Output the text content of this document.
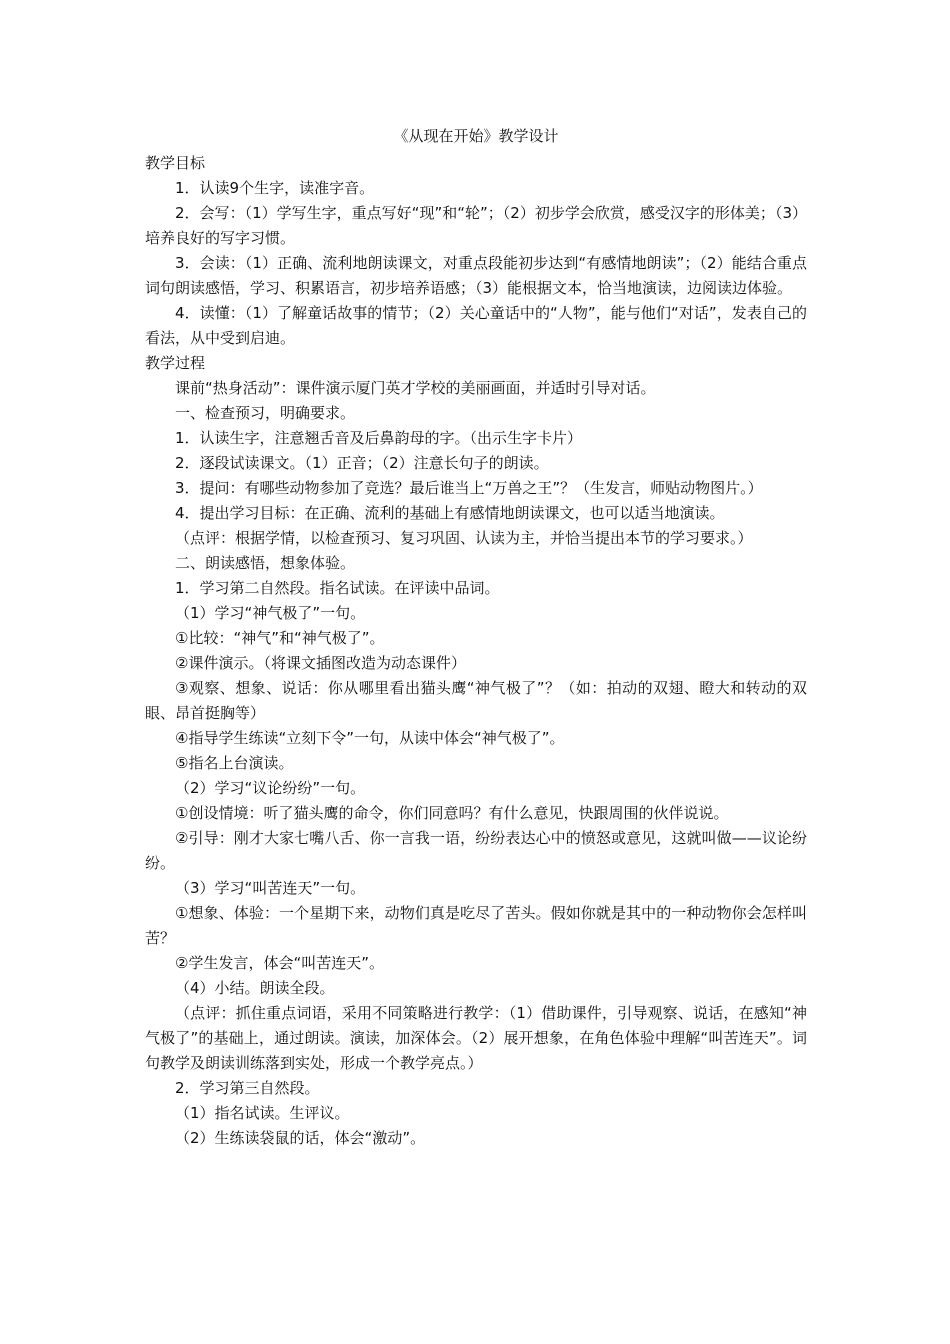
《从现在开始》教学设计

教学目标

1．认读9个生字，读准字音。

2．会写：（1）学写生字，重点写好“现”和“轮”；（2）初步学会欣赏，感受汉字的形体美；（3）培养良好的写字习惯。

3．会读：（1）正确、流利地朗读课文，对重点段能初步达到“有感情地朗读”；（2）能结合重点词句朗读感悟，学习、积累语言，初步培养语感；（3）能根据文本，恰当地演读，边阅读边体验。

4．读懂：（1）了解童话故事的情节；（2）关心童话中的“人物”，能与他们“对话”，发表自己的看法，从中受到启迪。

教学过程

课前“热身活动”：课件演示厦门英才学校的美丽画面，并适时引导对话。

一、检查预习，明确要求。

1．认读生字，注意翘舌音及后鼻韵母的字。（出示生字卡片）

2．逐段试读课文。（1）正音；（2）注意长句子的朗读。

3．提问：有哪些动物参加了竞选？最后谁当上“万兽之王”？（生发言，师贴动物图片。）

4．提出学习目标：在正确、流利的基础上有感情地朗读课文，也可以适当地演读。

（点评：根据学情，以检查预习、复习巩固、认读为主，并恰当提出本节的学习要求。）

二、朗读感悟，想象体验。

1．学习第二自然段。指名试读。在评读中品词。

（1）学习“神气极了”一句。

①比较：“神气”和“神气极了”。

②课件演示。（将课文插图改造为动态课件）

③观察、想象、说话：你从哪里看出猫头鹰“神气极了”？（如：拍动的双翅、瞪大和转动的双眼、昂首挺胸等）

④指导学生练读“立刻下令”一句，从读中体会“神气极了”。

⑤指名上台演读。

（2）学习“议论纷纷”一句。

①创设情境：听了猫头鹰的命令，你们同意吗？有什么意见，快跟周围的伙伴说说。

②引导：刚才大家七嘴八舌、你一言我一语，纷纷表达心中的愤怒或意见，这就叫做——议论纷纷。

（3）学习“叫苦连天”一句。

①想象、体验：一个星期下来，动物们真是吃尽了苦头。假如你就是其中的一种动物你会怎样叫苦？

②学生发言，体会“叫苦连天”。

（4）小结。朗读全段。

（点评：抓住重点词语，采用不同策略进行教学：（1）借助课件，引导观察、说话，在感知“神气极了”的基础上，通过朗读。演读，加深体会。（2）展开想象，在角色体验中理解“叫苦连天”。词句教学及朗读训练落到实处，形成一个教学亮点。）

2．学习第三自然段。

（1）指名试读。生评议。

（2）生练读袋鼠的话，体会“激动”。
